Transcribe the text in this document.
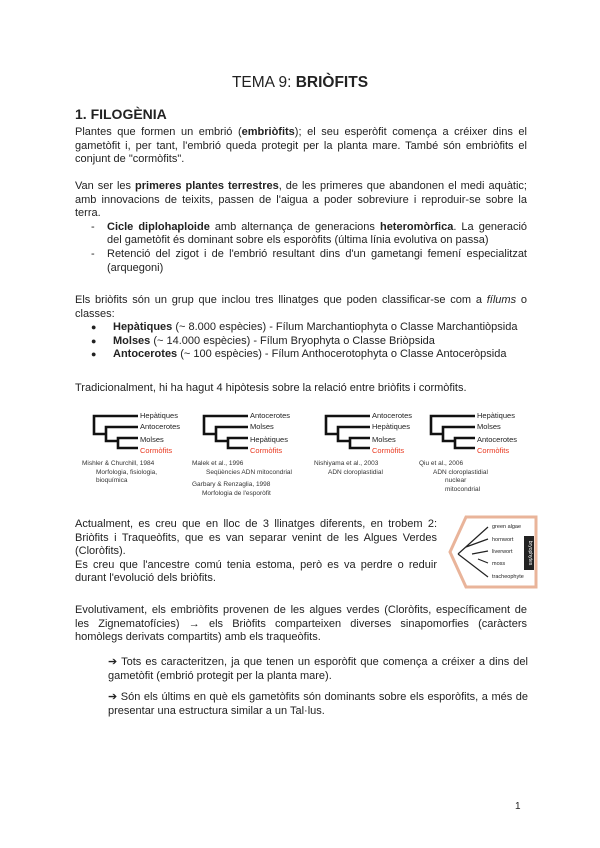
TEMA 9: BRIÒFITS
1. FILOGÈNIA
Plantes que formen un embrió (embriòfits); el seu esperòfit comença a créixer dins el gametòfit i, per tant, l'embrió queda protegit per la planta mare. També són embriòfits el conjunt de "cormòfits".
Van ser les primeres plantes terrestres, de les primeres que abandonen el medi aquàtic; amb innovacions de teixits, passen de l'aigua a poder sobreviure i reproduir-se sobre la terra.
- Cicle diplohaploide amb alternança de generacions heteromòrfica. La generació del gametòfit és dominant sobre els esporòfits (última línia evolutiva on passa)
- Retenció del zigot i de l'embrió resultant dins d'un gametangi femení especialitzat (arquegoni)
Els briòfits són un grup que inclou tres llinatges que poden classificar-se com a fílums o classes:
● Hepàtiques (~ 8.000 espècies) - Fílum Marchantiophyta o Classe Marchantiòpsida
● Molses (~ 14.000 espècies) - Fílum Bryophyta o Classe Briòpsida
● Antocerotes (~ 100 espècies) - Fílum Anthocerotophyta o Classe Antoceròpsida
Tradicionalment, hi ha hagut 4 hipòtesis sobre la relació entre briòfits i cormòfits.
Hepàtiques
Antocerotes
Molses
Cormòfits
Mishler & Churchill, 1984
Morfologia, fisiologia,
bioquímica
Antocerotes
Molses
Hepàtiques
Cormòfits
Malek et al., 1996
Seqüències ADN mitocondrial
Garbary & Renzaglia, 1998
Morfologia de l'esporòfit
Antocerotes
Hepàtiques
Molses
Cormòfits
Nishiyama et al., 2003
ADN cloroplastidial
Hepàtiques
Molses
Antocerotes
Cormòfits
Qiu et al., 2006
ADN cloroplastidial
nuclear
mitocondrial
Actualment, es creu que en lloc de 3 llinatges diferents, en trobem 2: Briòfits i Traqueòfits, que es van separar venint de les Algues Verdes (Cloròfits).
Es creu que l'ancestre comú tenia estoma, però es va perdre o reduir durant l'evolució dels briòfits.
bryophytes
green algae
hornwort
liverwort
moss
tracheophyte
Evolutivament, els embriòfits provenen de les algues verdes (Cloròfits, específicament de les Zignematofícies) → els Briòfits comparteixen diverses sinapomorfies (caràcters homòlegs derivats compartits) amb els traqueòfits.
➔ Tots es caracteritzen, ja que tenen un esporòfit que comença a créixer a dins del gametòfit (embrió protegit per la planta mare).
➔ Són els últims en què els gametòfits són dominants sobre els esporòfits, a més de presentar una estructura similar a un Tal·lus.
1
